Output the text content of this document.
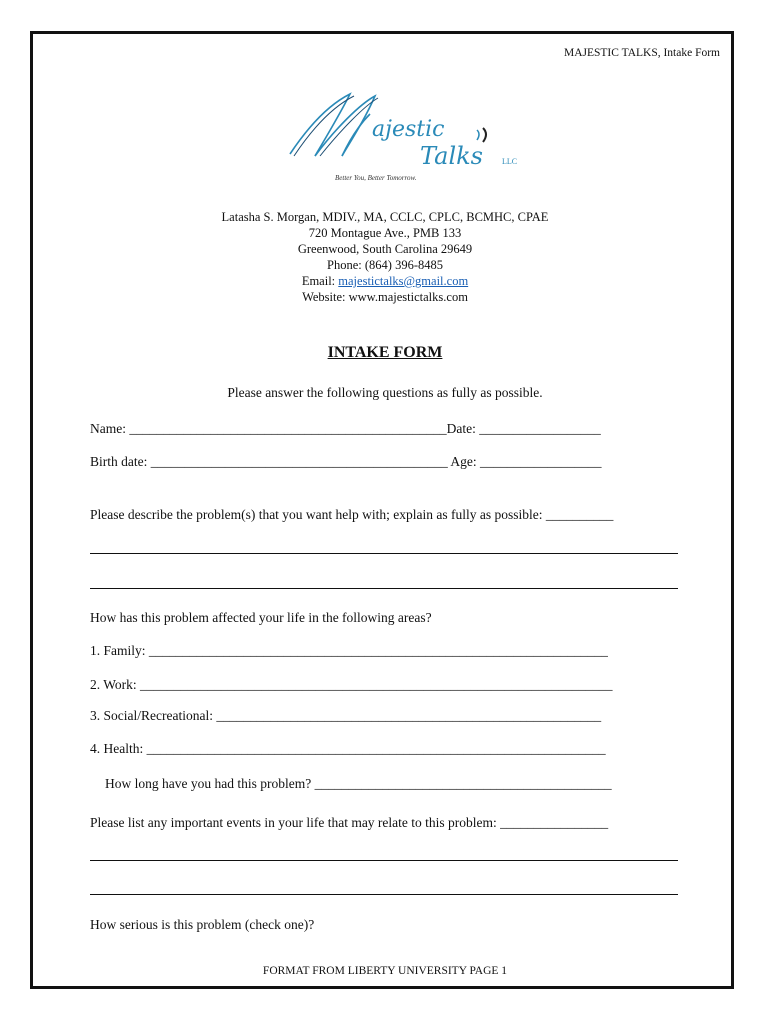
MAJESTIC TALKS, Intake Form
ajestic
Talks LLC
Better You, Better Tomorrow.
Latasha S. Morgan, MDIV., MA, CCLC, CPLC, BCMHC, CPAE
720 Montague Ave., PMB 133
Greenwood, South Carolina 29649
Phone: (864) 396-8485
Email: majestictalks@gmail.com
Website: www.majestictalks.com
INTAKE FORM
Please answer the following questions as fully as possible.
Name: _______________________________________________Date: __________________
Birth date: ____________________________________________ Age: __________________
Please describe the problem(s) that you want help with; explain as fully as possible: __________
How has this problem affected your life in the following areas?
1. Family: ____________________________________________________________________
2. Work: ______________________________________________________________________
3. Social/Recreational: _________________________________________________________
4. Health: ____________________________________________________________________
How long have you had this problem? ____________________________________________
Please list any important events in your life that may relate to this problem: ________________
How serious is this problem (check one)?
FORMAT FROM LIBERTY UNIVERSITY PAGE 1
